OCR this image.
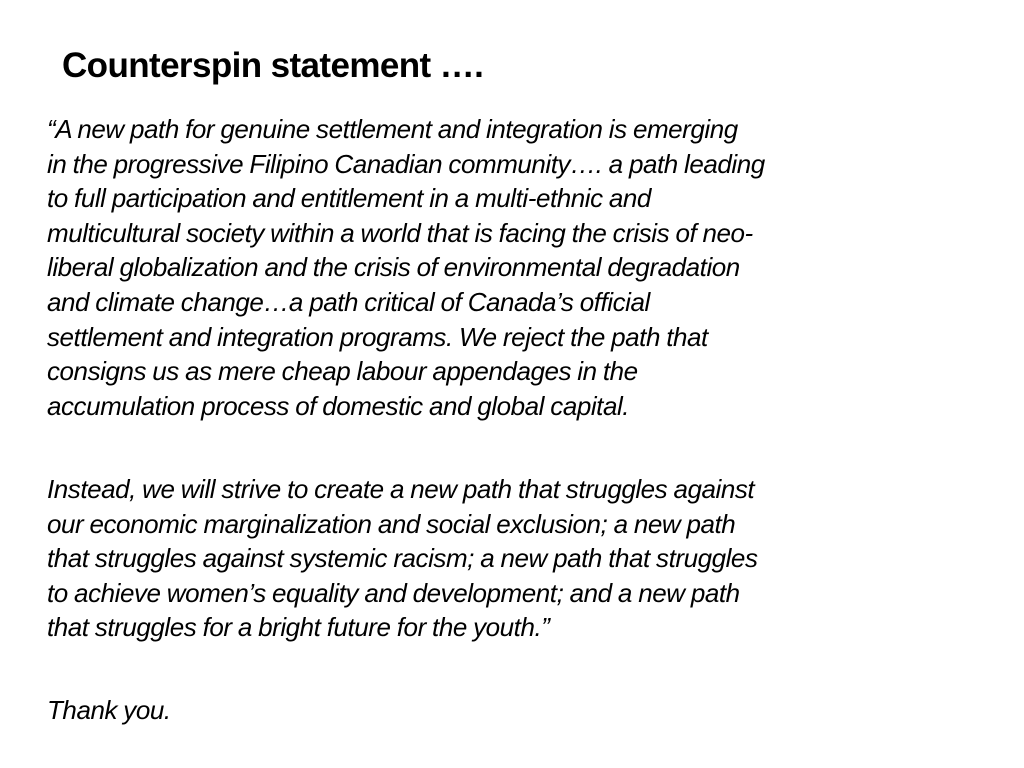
Counterspin statement ….

“A new path for genuine settlement and integration is emerging
in the progressive Filipino Canadian community…. a path leading
to full participation and entitlement in a multi-ethnic and
multicultural society within a world that is facing the crisis of neo-
liberal globalization and the crisis of environmental degradation
and climate change…a path critical of Canada’s official
settlement and integration programs. We reject the path that
consigns us as mere cheap labour appendages in the
accumulation process of domestic and global capital.

Instead, we will strive to create a new path that struggles against
our economic marginalization and social exclusion; a new path
that struggles against systemic racism; a new path that struggles
to achieve women’s equality and development; and a new path
that struggles for a bright future for the youth.”

Thank you.
